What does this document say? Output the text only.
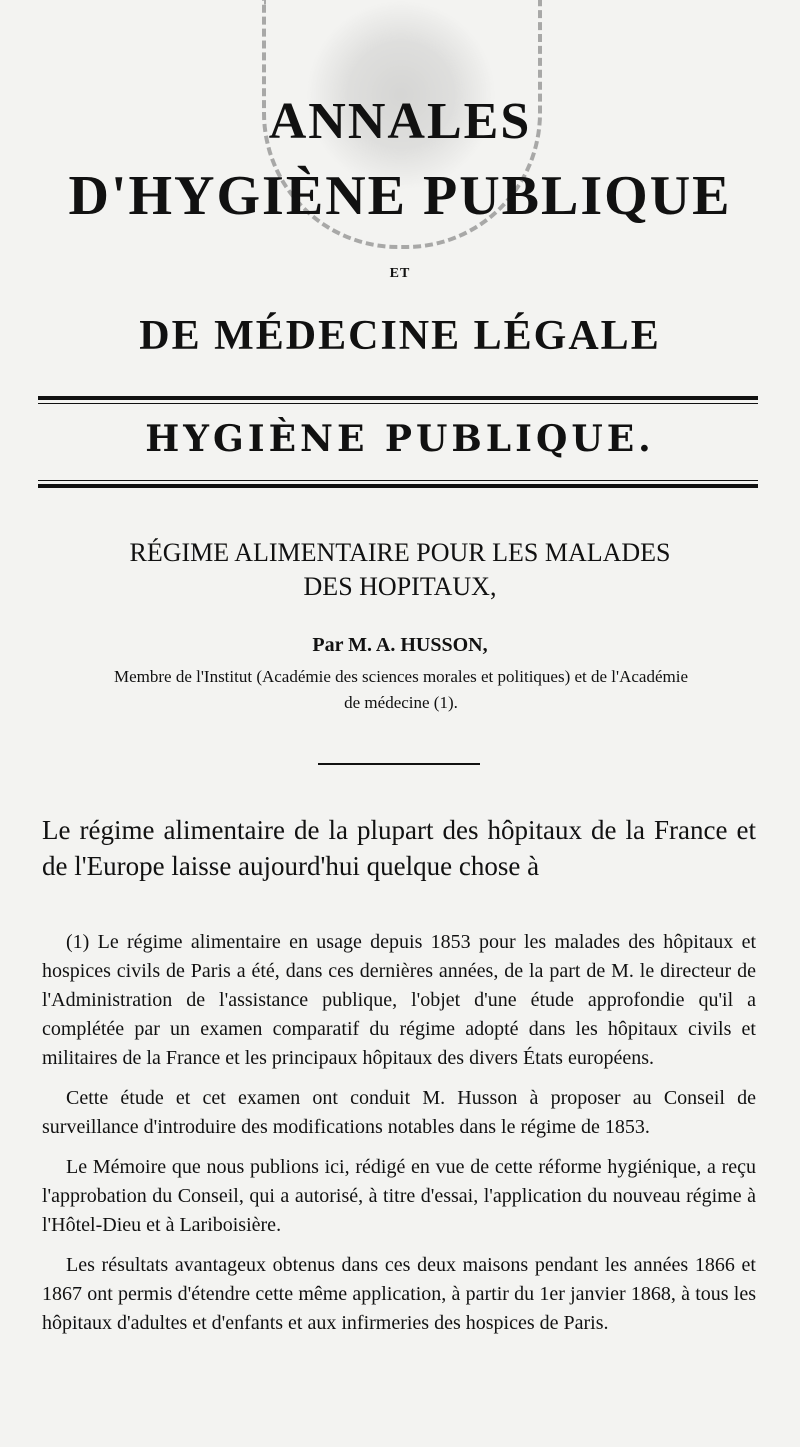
ANNALES
D'HYGIÈNE PUBLIQUE
ET
DE MÉDECINE LÉGALE
HYGIÈNE PUBLIQUE.
RÉGIME ALIMENTAIRE POUR LES MALADES
DES HOPITAUX,
Par M. A. HUSSON,
Membre de l'Institut (Académie des sciences morales et politiques) et de l'Académie
de médecine (1).
Le régime alimentaire de la plupart des hôpitaux de la France et de l'Europe laisse aujourd'hui quelque chose à

(1) Le régime alimentaire en usage depuis 1853 pour les malades des hôpitaux et hospices civils de Paris a été, dans ces dernières années, de la part de M. le directeur de l'Administration de l'assistance publique, l'objet d'une étude approfondie qu'il a complétée par un examen comparatif du régime adopté dans les hôpitaux civils et militaires de la France et les principaux hôpitaux des divers États européens.

Cette étude et cet examen ont conduit M. Husson à proposer au Conseil de surveillance d'introduire des modifications notables dans le régime de 1853.

Le Mémoire que nous publions ici, rédigé en vue de cette réforme hygiénique, a reçu l'approbation du Conseil, qui a autorisé, à titre d'essai, l'application du nouveau régime à l'Hôtel-Dieu et à Lariboisière.

Les résultats avantageux obtenus dans ces deux maisons pendant les années 1866 et 1867 ont permis d'étendre cette même application, à partir du 1er janvier 1868, à tous les hôpitaux d'adultes et d'enfants et aux infirmeries des hospices de Paris.
